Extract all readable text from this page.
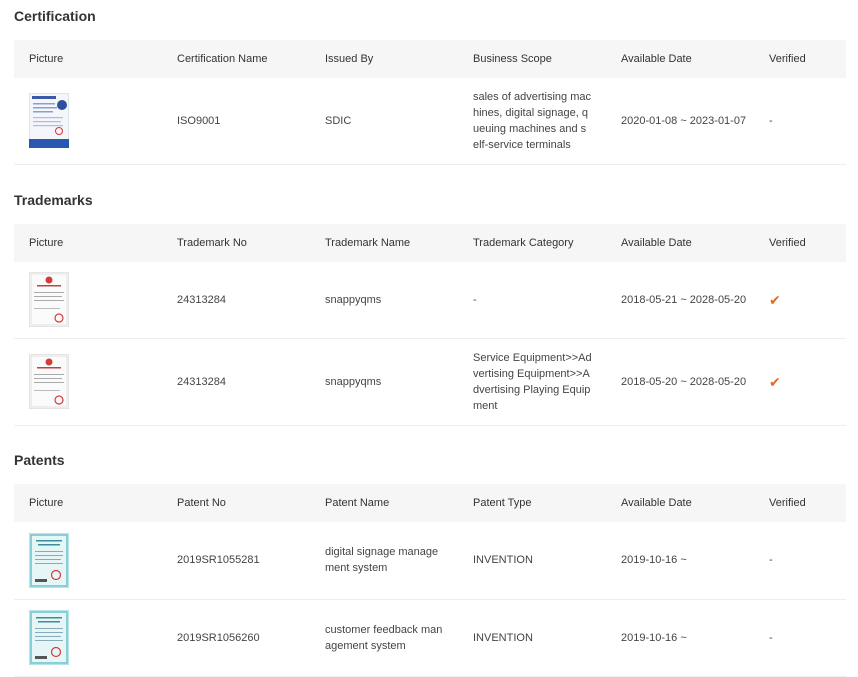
Certification
Picture	Certification Name	Issued By	Business Scope	Available Date	Verified

	ISO9001	SDIC	sales of advertising machines, digital signage, queuing machines and self-service terminals	2020-01-08 ~ 2023-01-07	-
Trademarks
Picture	Trademark No	Trademark Name	Trademark Category	Available Date	Verified

	24313284	snappyqms	-	2018-05-21 ~ 2028-05-20	✔

	24313284	snappyqms	Service Equipment>>Advertising Equipment>>Advertising Playing Equipment	2018-05-20 ~ 2028-05-20	✔
Patents
Picture	Patent No	Patent Name	Patent Type	Available Date	Verified

	2019SR1055281	digital signage management system	INVENTION	2019-10-16 ~	-

	2019SR1056260	customer feedback management system	INVENTION	2019-10-16 ~	-
